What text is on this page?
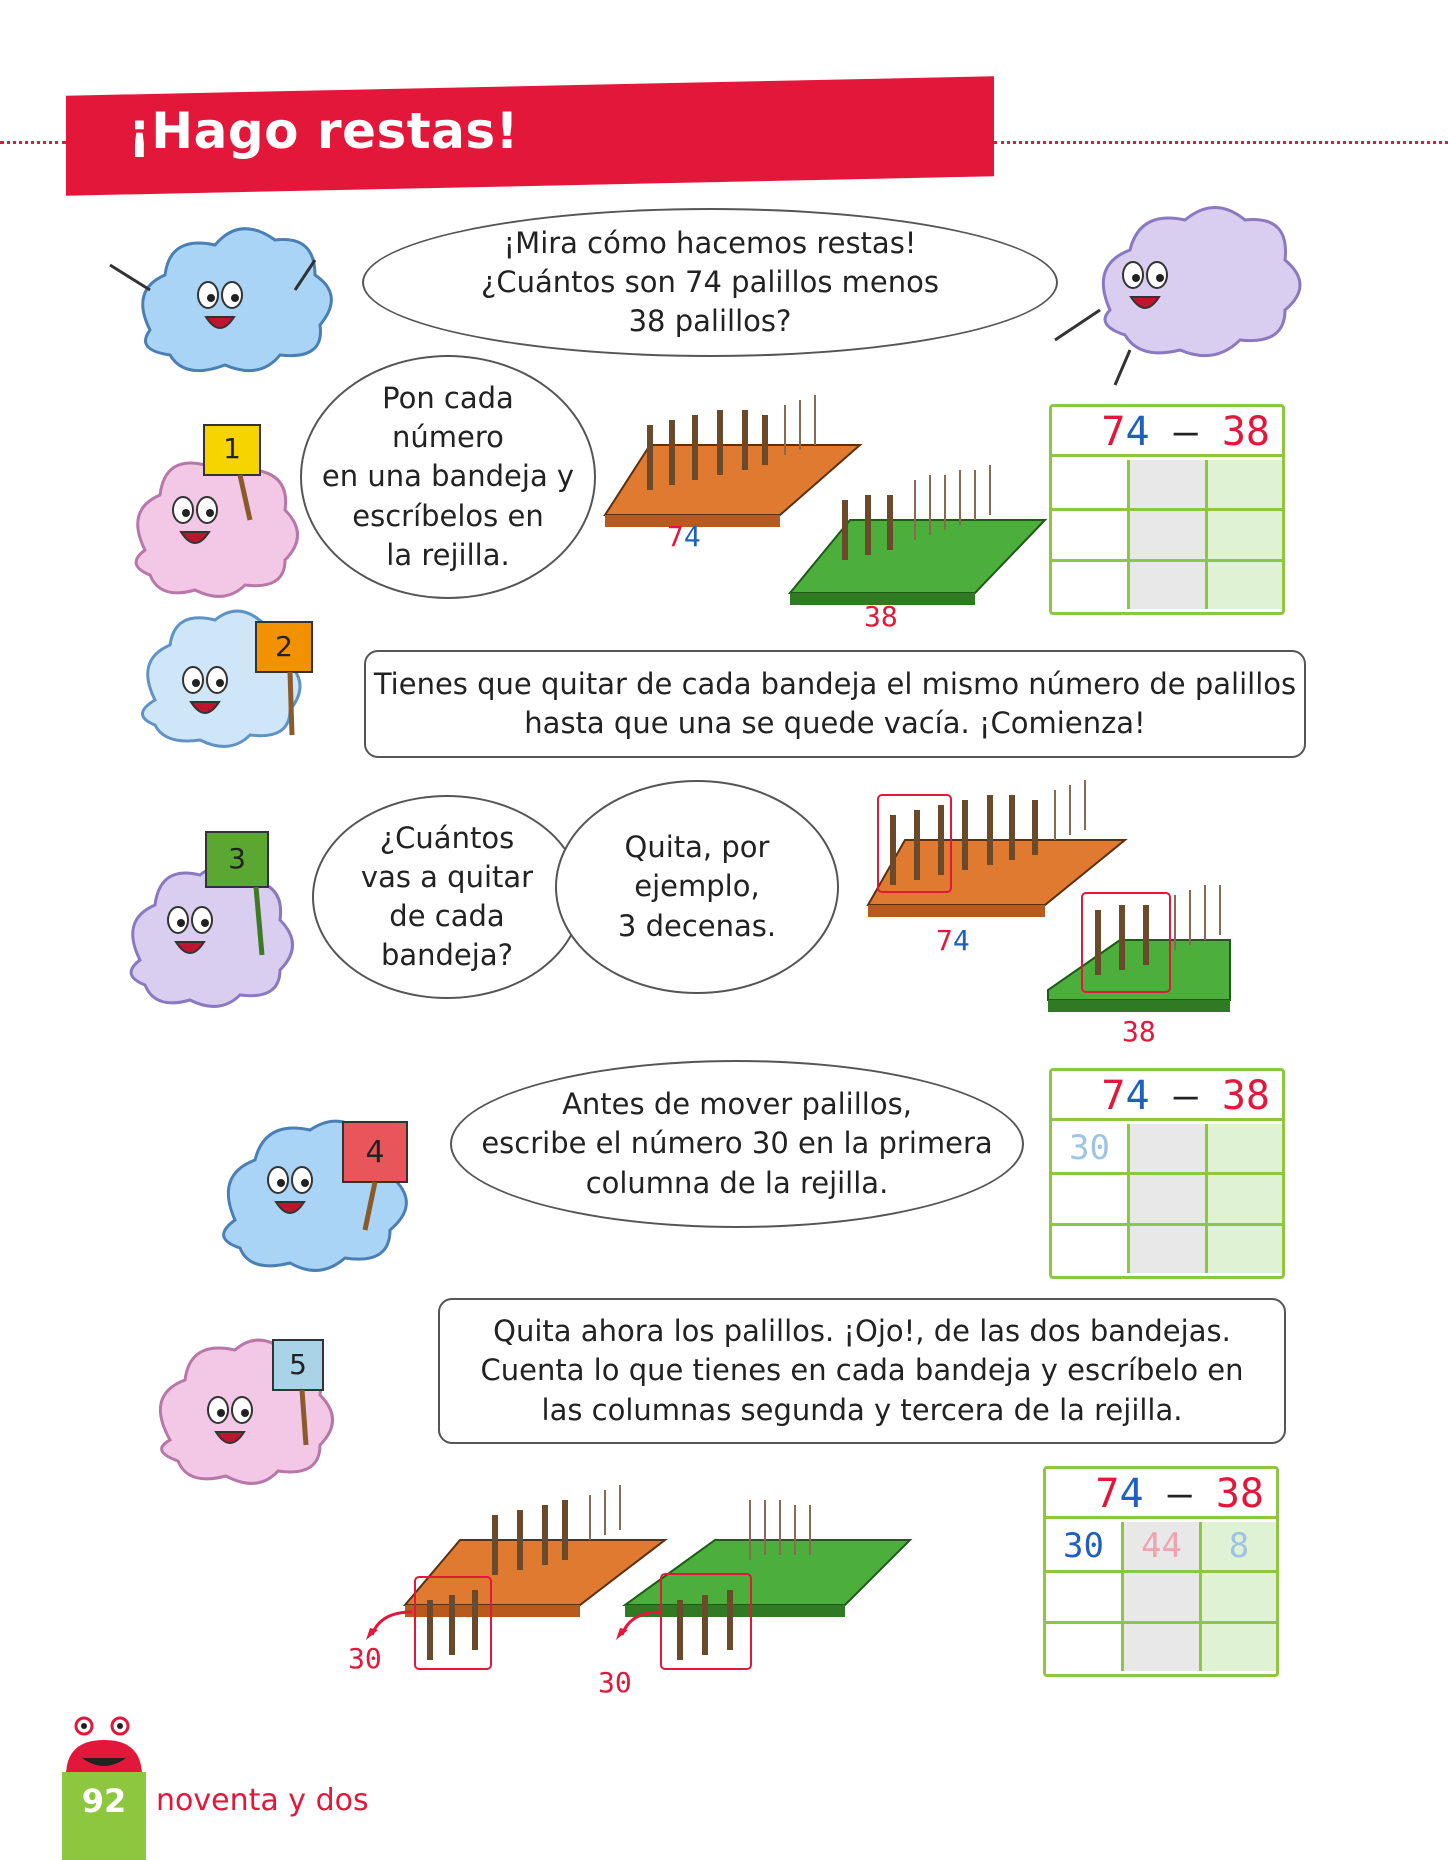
¡Hago restas!
1
2
3
4
5
74
38
74
38
30
30
¡Mira cómo hacemos restas!
¿Cuántos son 74 palillos menos
38 palillos?
Pon cada
número
en una bandeja y
escríbelos en
la rejilla.
Tienes que quitar de cada bandeja el mismo número de palillos
hasta que una se quede vacía. ¡Comienza!
¿Cuántos
vas a quitar
de cada
bandeja?
Quita, por
ejemplo,
3 decenas.
Antes de mover palillos,
escribe el número 30 en la primera
columna de la rejilla.
Quita ahora los palillos. ¡Ojo!, de las dos bandejas.
Cuenta lo que tienes en cada bandeja y escríbelo en
las columnas segunda y tercera de la rejilla.
74 – 38
74 – 38
30
74 – 38
30	44	8
92 noventa y dos
